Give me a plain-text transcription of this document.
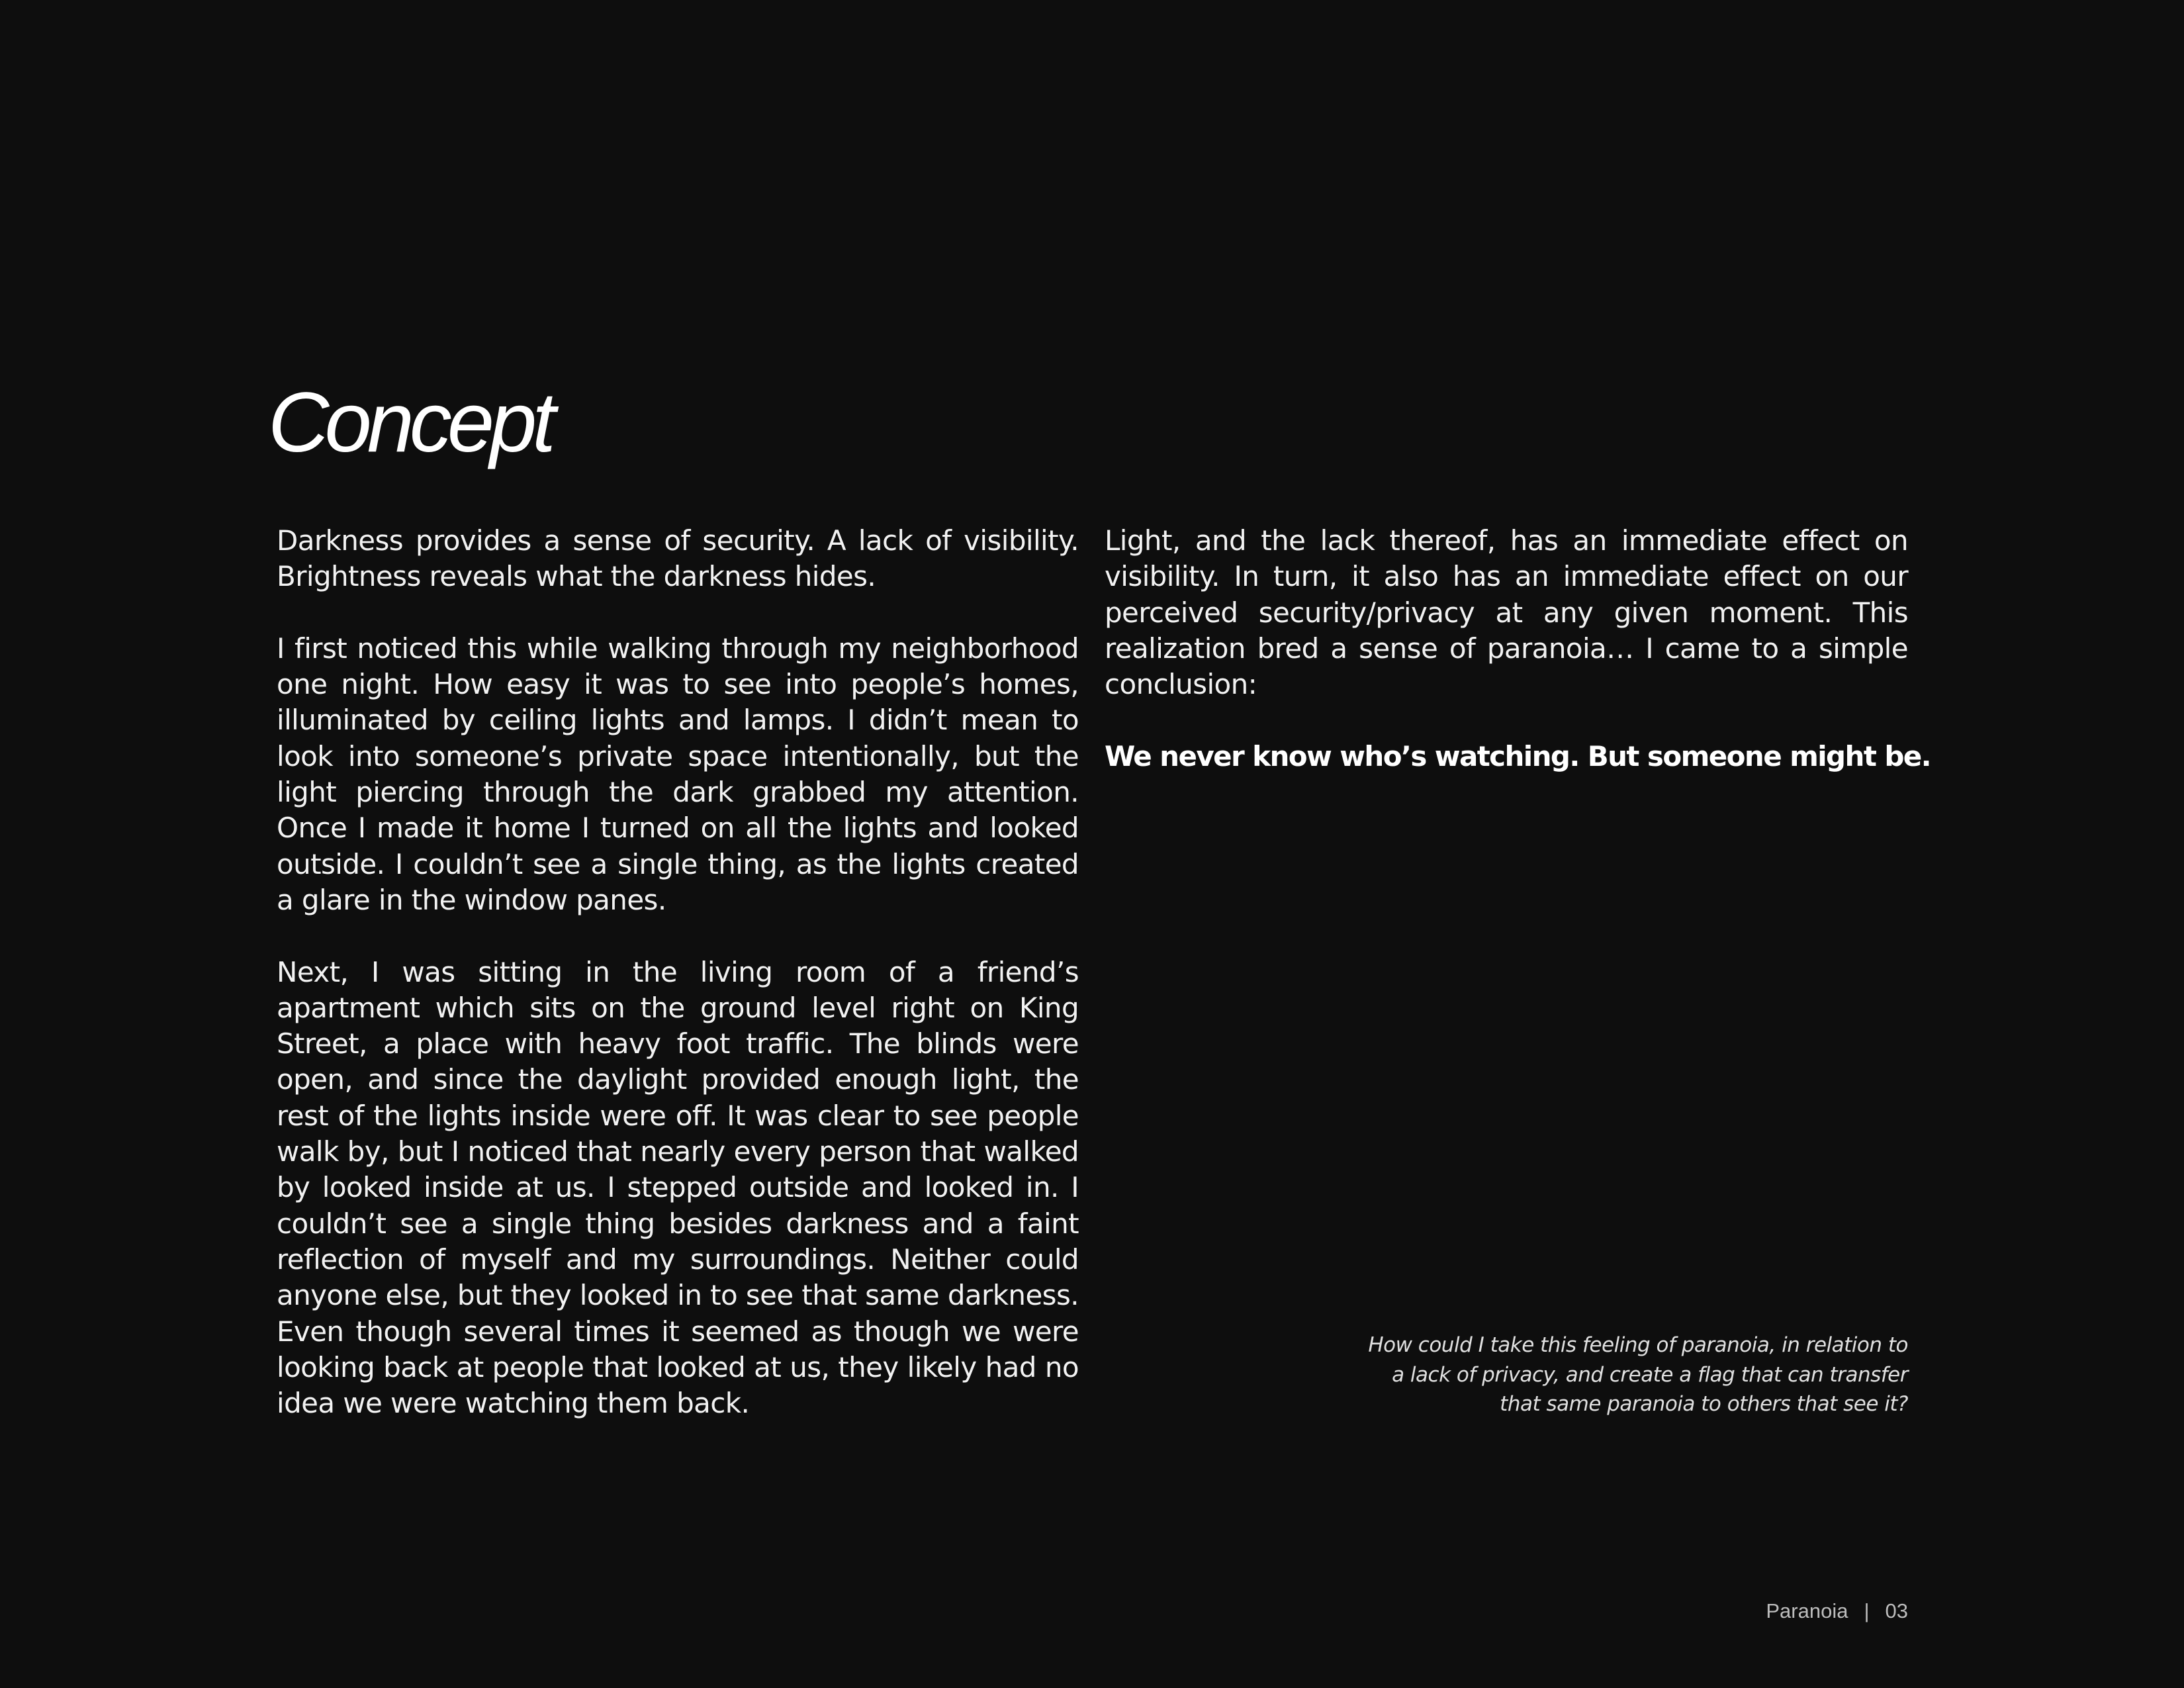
Concept

Darkness provides a sense of security. A lack of visibility. Brightness reveals what the darkness hides.

I first noticed this while walking through my neighborhood one night. How easy it was to see into people’s homes, illuminated by ceiling lights and lamps. I didn’t mean to look into someone’s private space intentionally, but the light piercing through the dark grabbed my attention. Once I made it home I turned on all the lights and looked outside. I couldn’t see a single thing, as the lights created a glare in the window panes.

Next, I was sitting in the living room of a friend’s apartment which sits on the ground level right on King Street, a place with heavy foot traffic. The blinds were open, and since the daylight provided enough light, the rest of the lights inside were off. It was clear to see people walk by, but I noticed that nearly every person that walked by looked inside at us. I stepped outside and looked in. I couldn’t see a single thing besides darkness and a faint reflection of myself and my surroundings. Neither could anyone else, but they looked in to see that same darkness. Even though several times it seemed as though we were looking back at people that looked at us, they likely had no idea we were watching them back.

Light, and the lack thereof, has an immediate effect on visibility. In turn, it also has an immediate effect on our perceived security/privacy at any given moment. This realization bred a sense of paranoia… I came to a simple conclusion:

We never know who’s watching. But someone might be.

How could I take this feeling of paranoia, in relation to a lack of privacy, and create a flag that can transfer that same paranoia to others that see it?
Paranoia | 03
